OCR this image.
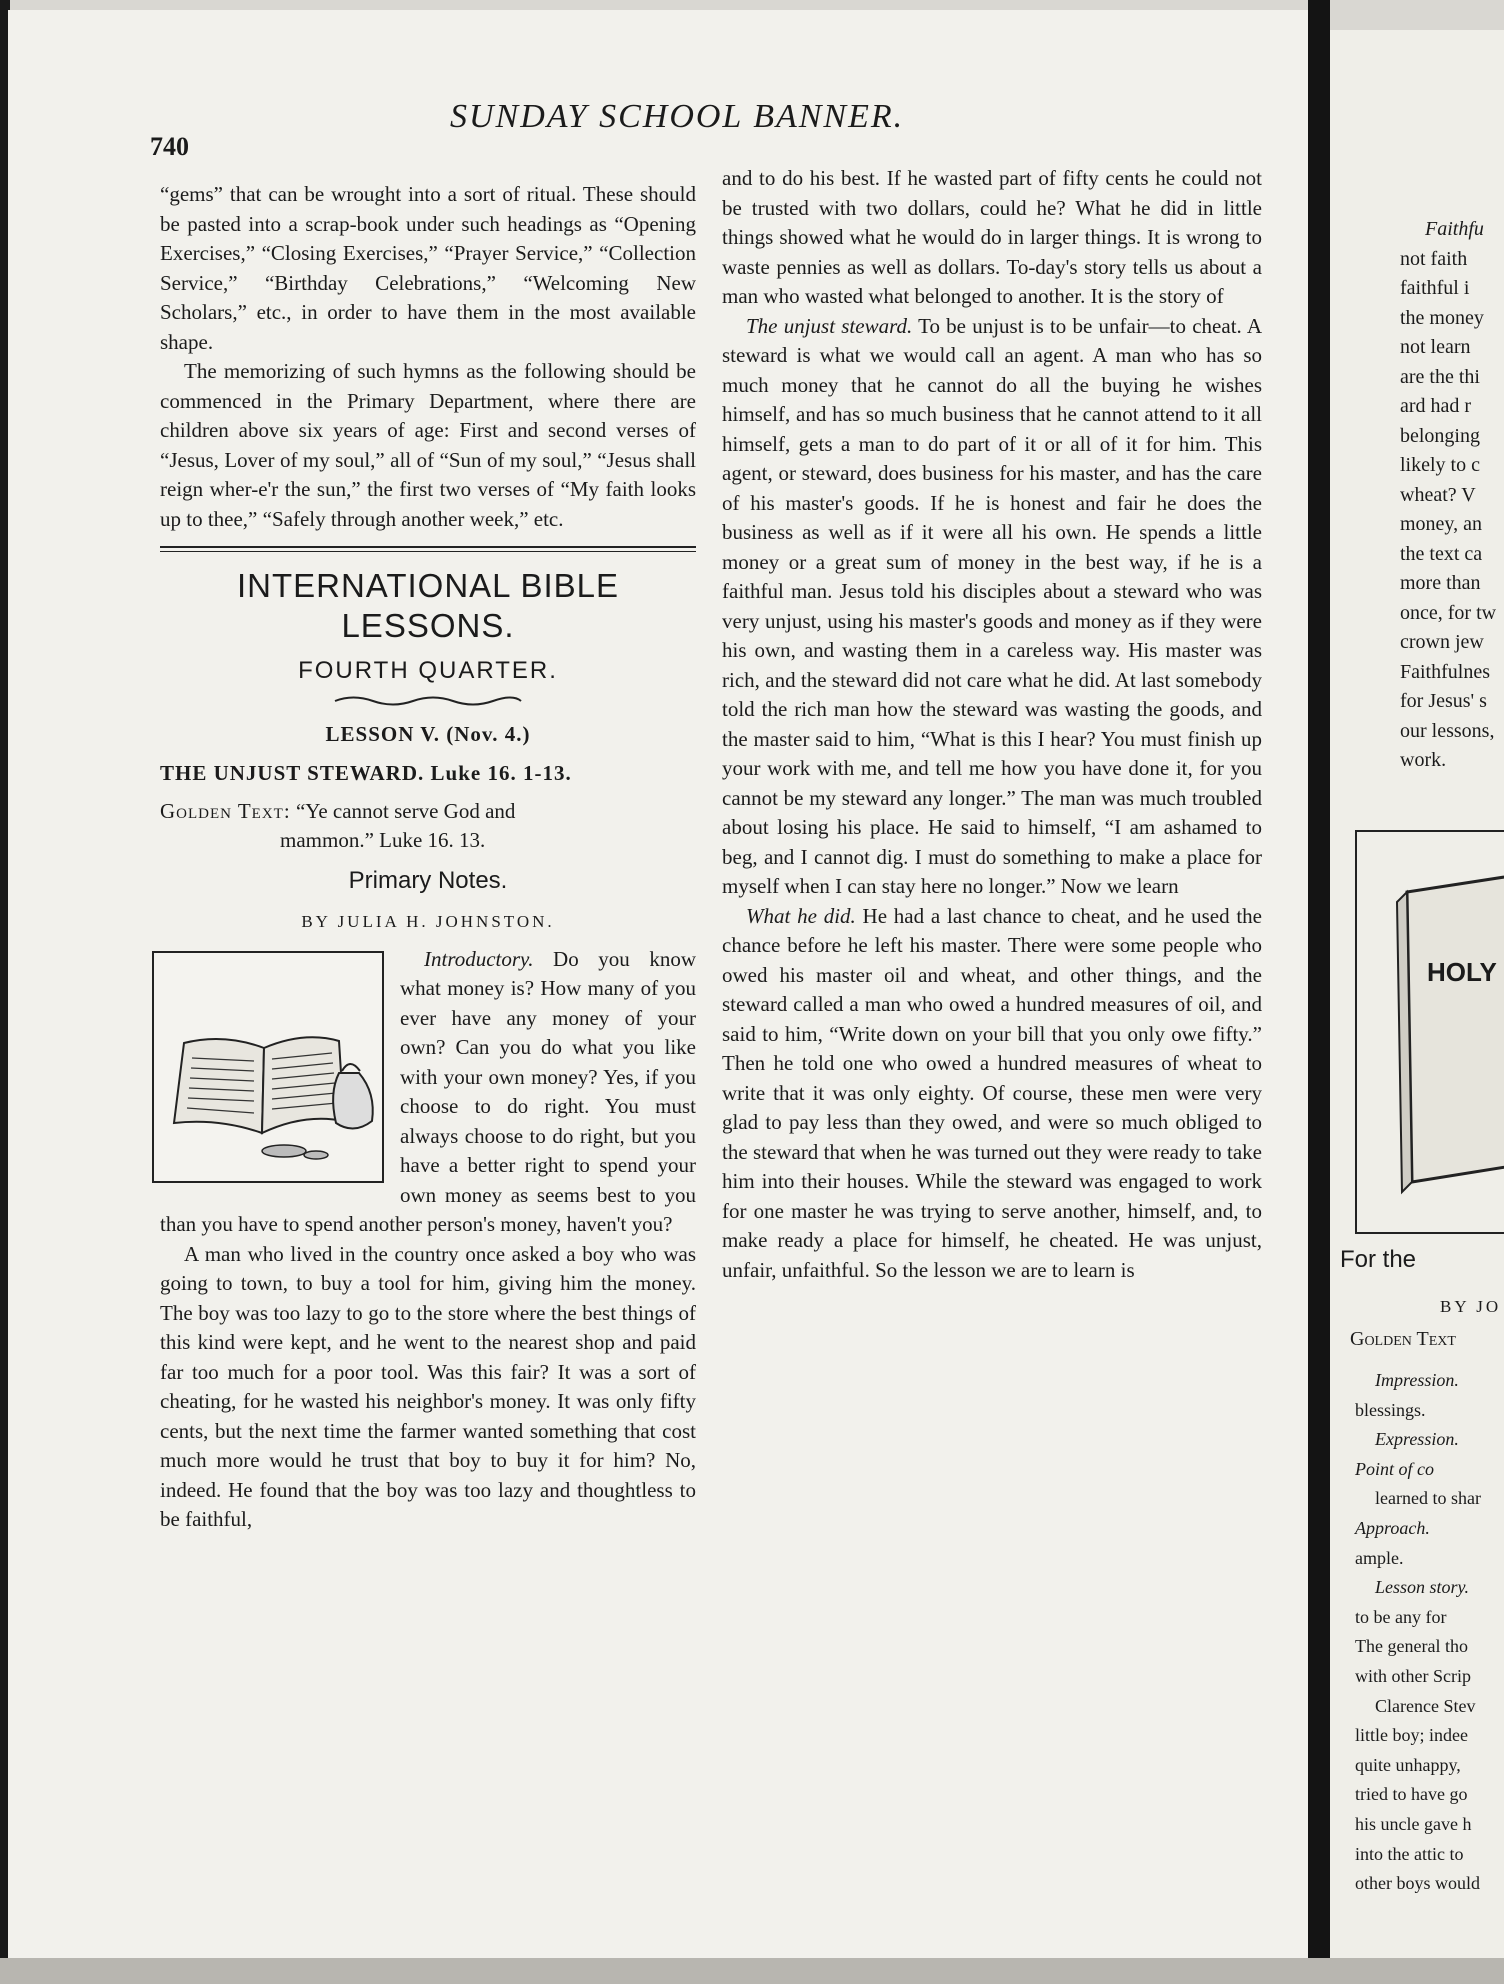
740
SUNDAY SCHOOL BANNER.

“gems” that can be wrought into a sort of ritual. These should be pasted into a scrap-book under such headings as “Opening Exercises,” “Closing Exercises,” “Prayer Service,” “Collection Service,” “Birthday Celebrations,” “Welcoming New Scholars,” etc., in order to have them in the most available shape.

The memorizing of such hymns as the following should be commenced in the Primary Department, where there are children above six years of age: First and second verses of “Jesus, Lover of my soul,” all of “Sun of my soul,” “Jesus shall reign wher-e'r the sun,” the first two verses of “My faith looks up to thee,” “Safely through another week,” etc.

INTERNATIONAL BIBLE LESSONS.
FOURTH QUARTER.
LESSON V. (Nov. 4.)
THE UNJUST STEWARD. Luke 16. 1-13.
Golden Text: “Ye cannot serve God and
mammon.” Luke 16. 13.
Primary Notes.
BY JULIA H. JOHNSTON.

Introductory. Do you know what money is? How many of you ever have any money of your own? Can you do what you like with your own money? Yes, if you choose to do right. You must always choose to do right, but you have a better right to spend your own money as seems best to you than you have to spend another person's money, haven't you?

A man who lived in the country once asked a boy who was going to town, to buy a tool for him, giving him the money. The boy was too lazy to go to the store where the best things of this kind were kept, and he went to the nearest shop and paid far too much for a poor tool. Was this fair? It was a sort of cheating, for he wasted his neighbor's money. It was only fifty cents, but the next time the farmer wanted something that cost much more would he trust that boy to buy it for him? No, indeed. He found that the boy was too lazy and thoughtless to be faithful,

and to do his best. If he wasted part of fifty cents he could not be trusted with two dollars, could he? What he did in little things showed what he would do in larger things. It is wrong to waste pennies as well as dollars. To-day's story tells us about a man who wasted what belonged to another. It is the story of

The unjust steward. To be unjust is to be unfair—to cheat. A steward is what we would call an agent. A man who has so much money that he cannot do all the buying he wishes himself, and has so much business that he cannot attend to it all himself, gets a man to do part of it or all of it for him. This agent, or steward, does business for his master, and has the care of his master's goods. If he is honest and fair he does the business as well as if it were all his own. He spends a little money or a great sum of money in the best way, if he is a faithful man. Jesus told his disciples about a steward who was very unjust, using his master's goods and money as if they were his own, and wasting them in a careless way. His master was rich, and the steward did not care what he did. At last somebody told the rich man how the steward was wasting the goods, and the master said to him, “What is this I hear? You must finish up your work with me, and tell me how you have done it, for you cannot be my steward any longer.” The man was much troubled about losing his place. He said to himself, “I am ashamed to beg, and I cannot dig. I must do something to make a place for myself when I can stay here no longer.” Now we learn

What he did. He had a last chance to cheat, and he used the chance before he left his master. There were some people who owed his master oil and wheat, and other things, and the steward called a man who owed a hundred measures of oil, and said to him, “Write down on your bill that you only owe fifty.” Then he told one who owed a hundred measures of wheat to write that it was only eighty. Of course, these men were very glad to pay less than they owed, and were so much obliged to the steward that when he was turned out they were ready to take him into their houses. While the steward was engaged to work for one master he was trying to serve another, himself, and, to make ready a place for himself, he cheated. He was unjust, unfair, unfaithful. So the lesson we are to learn is

Faithfu
not faith
faithful i
the money
not learn
are the thi
ard had r
belonging
likely to c
wheat? V
money, an
the text ca
more than
once, for tw
crown jew
Faithfulnes
for Jesus' s
our lessons,
work.
HOLY
For the
BY JO
Golden Text
Impression.
blessings.
Expression.
Point of co
learned to shar
Approach.
ample.
Lesson story.
to be any for
The general tho
with other Scrip
Clarence Stev
little boy; indee
quite unhappy,
tried to have go
his uncle gave h
into the attic to
other boys would
